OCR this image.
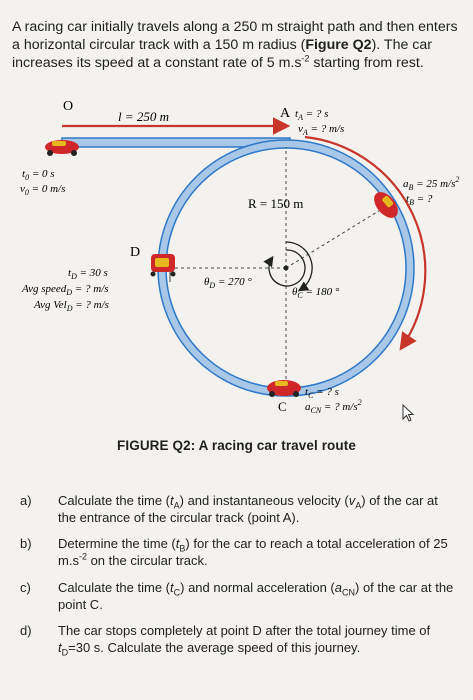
A racing car initially travels along a 250 m straight path and then enters a horizontal circular track with a 150 m radius (Figure Q2). The car increases its speed at a constant rate of 5 $m.s^{-2}$ starting from rest.

O
l = 250 m	A $t_A$ = ? s
$v_A$ = ? m/s
$t_0 = 0$ s
$v_0 = 0$ m/s	$a_B = 25$ $m/s^2$
$t_B$ = ?
R = 150 m
D
$t_D = 30$ s
Avg speed$_D$ = ? m/s
Avg Vel$_D$ = ? m/s
$\theta_D = 270$ °
$\theta_C = 180$ °
$t_C$ = ? s
C $a_{CN}$ = ? $m/s^2$
FIGURE Q2: A racing car travel route
a)	Calculate the time $(t_A)$ and instantaneous velocity $(v_A)$ of the car at the entrance of the circular track (point A).
b)	Determine the time $(t_B)$ for the car to reach a total acceleration of 25 $m.s^{-2}$ on the circular track.
c)	Calculate the time $(t_C)$ and normal acceleration $(a_{CN})$ of the car at the point C.
d)	The car stops completely at point D after the total journey time of $t_D=30$ s. Calculate the average speed of this journey.
